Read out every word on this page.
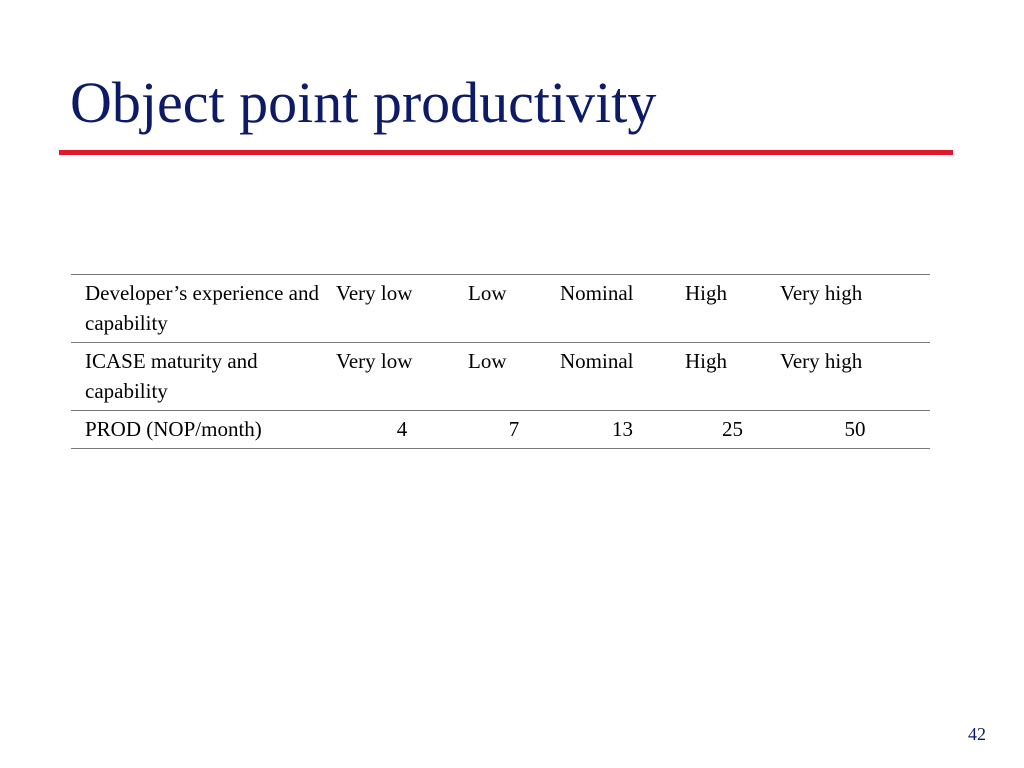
Object point productivity
Developer’s experience and capability	Very low	Low	Nominal	High	Very high
ICASE maturity and capability	Very low	Low	Nominal	High	Very high
PROD (NOP/month)	4	7	13	25	50
42
